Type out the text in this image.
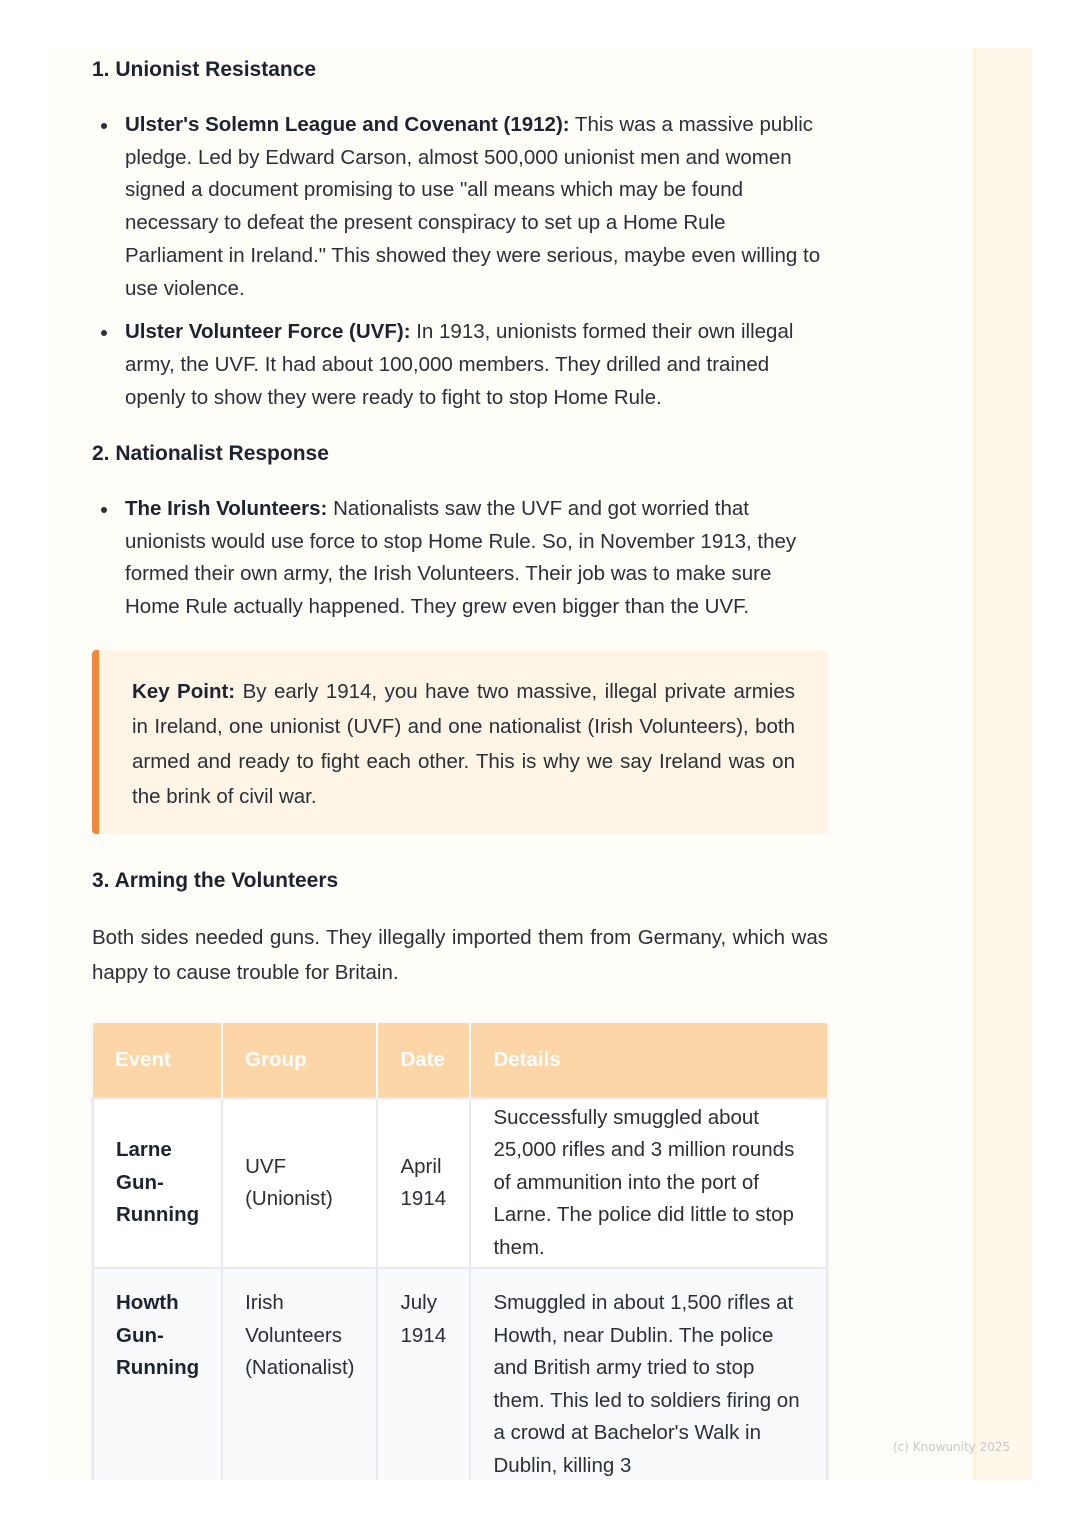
1. Unionist Resistance
Ulster's Solemn League and Covenant (1912): This was a massive public pledge. Led by Edward Carson, almost 500,000 unionist men and women signed a document promising to use "all means which may be found necessary to defeat the present conspiracy to set up a Home Rule Parliament in Ireland." This showed they were serious, maybe even willing to use violence.
Ulster Volunteer Force (UVF): In 1913, unionists formed their own illegal army, the UVF. It had about 100,000 members. They drilled and trained openly to show they were ready to fight to stop Home Rule.
2. Nationalist Response
The Irish Volunteers: Nationalists saw the UVF and got worried that unionists would use force to stop Home Rule. So, in November 1913, they formed their own army, the Irish Volunteers. Their job was to make sure Home Rule actually happened. They grew even bigger than the UVF.
Key Point: By early 1914, you have two massive, illegal private armies in Ireland, one unionist (UVF) and one nationalist (Irish Volunteers), both armed and ready to fight each other. This is why we say Ireland was on the brink of civil war.
3. Arming the Volunteers

Both sides needed guns. They illegally imported them from Germany, which was happy to cause trouble for Britain.

Event	Group	Date	Details
Larne Gun-Running	UVF (Unionist)	April 1914	Successfully smuggled about 25,000 rifles and 3 million rounds of ammunition into the port of Larne. The police did little to stop them.
Howth Gun-Running	Irish Volunteers (Nationalist)	July 1914	Smuggled in about 1,500 rifles at Howth, near Dublin. The police and British army tried to stop them. This led to soldiers firing on a crowd at Bachelor's Walk in Dublin, killing 3
(c) Knowunity 2025
